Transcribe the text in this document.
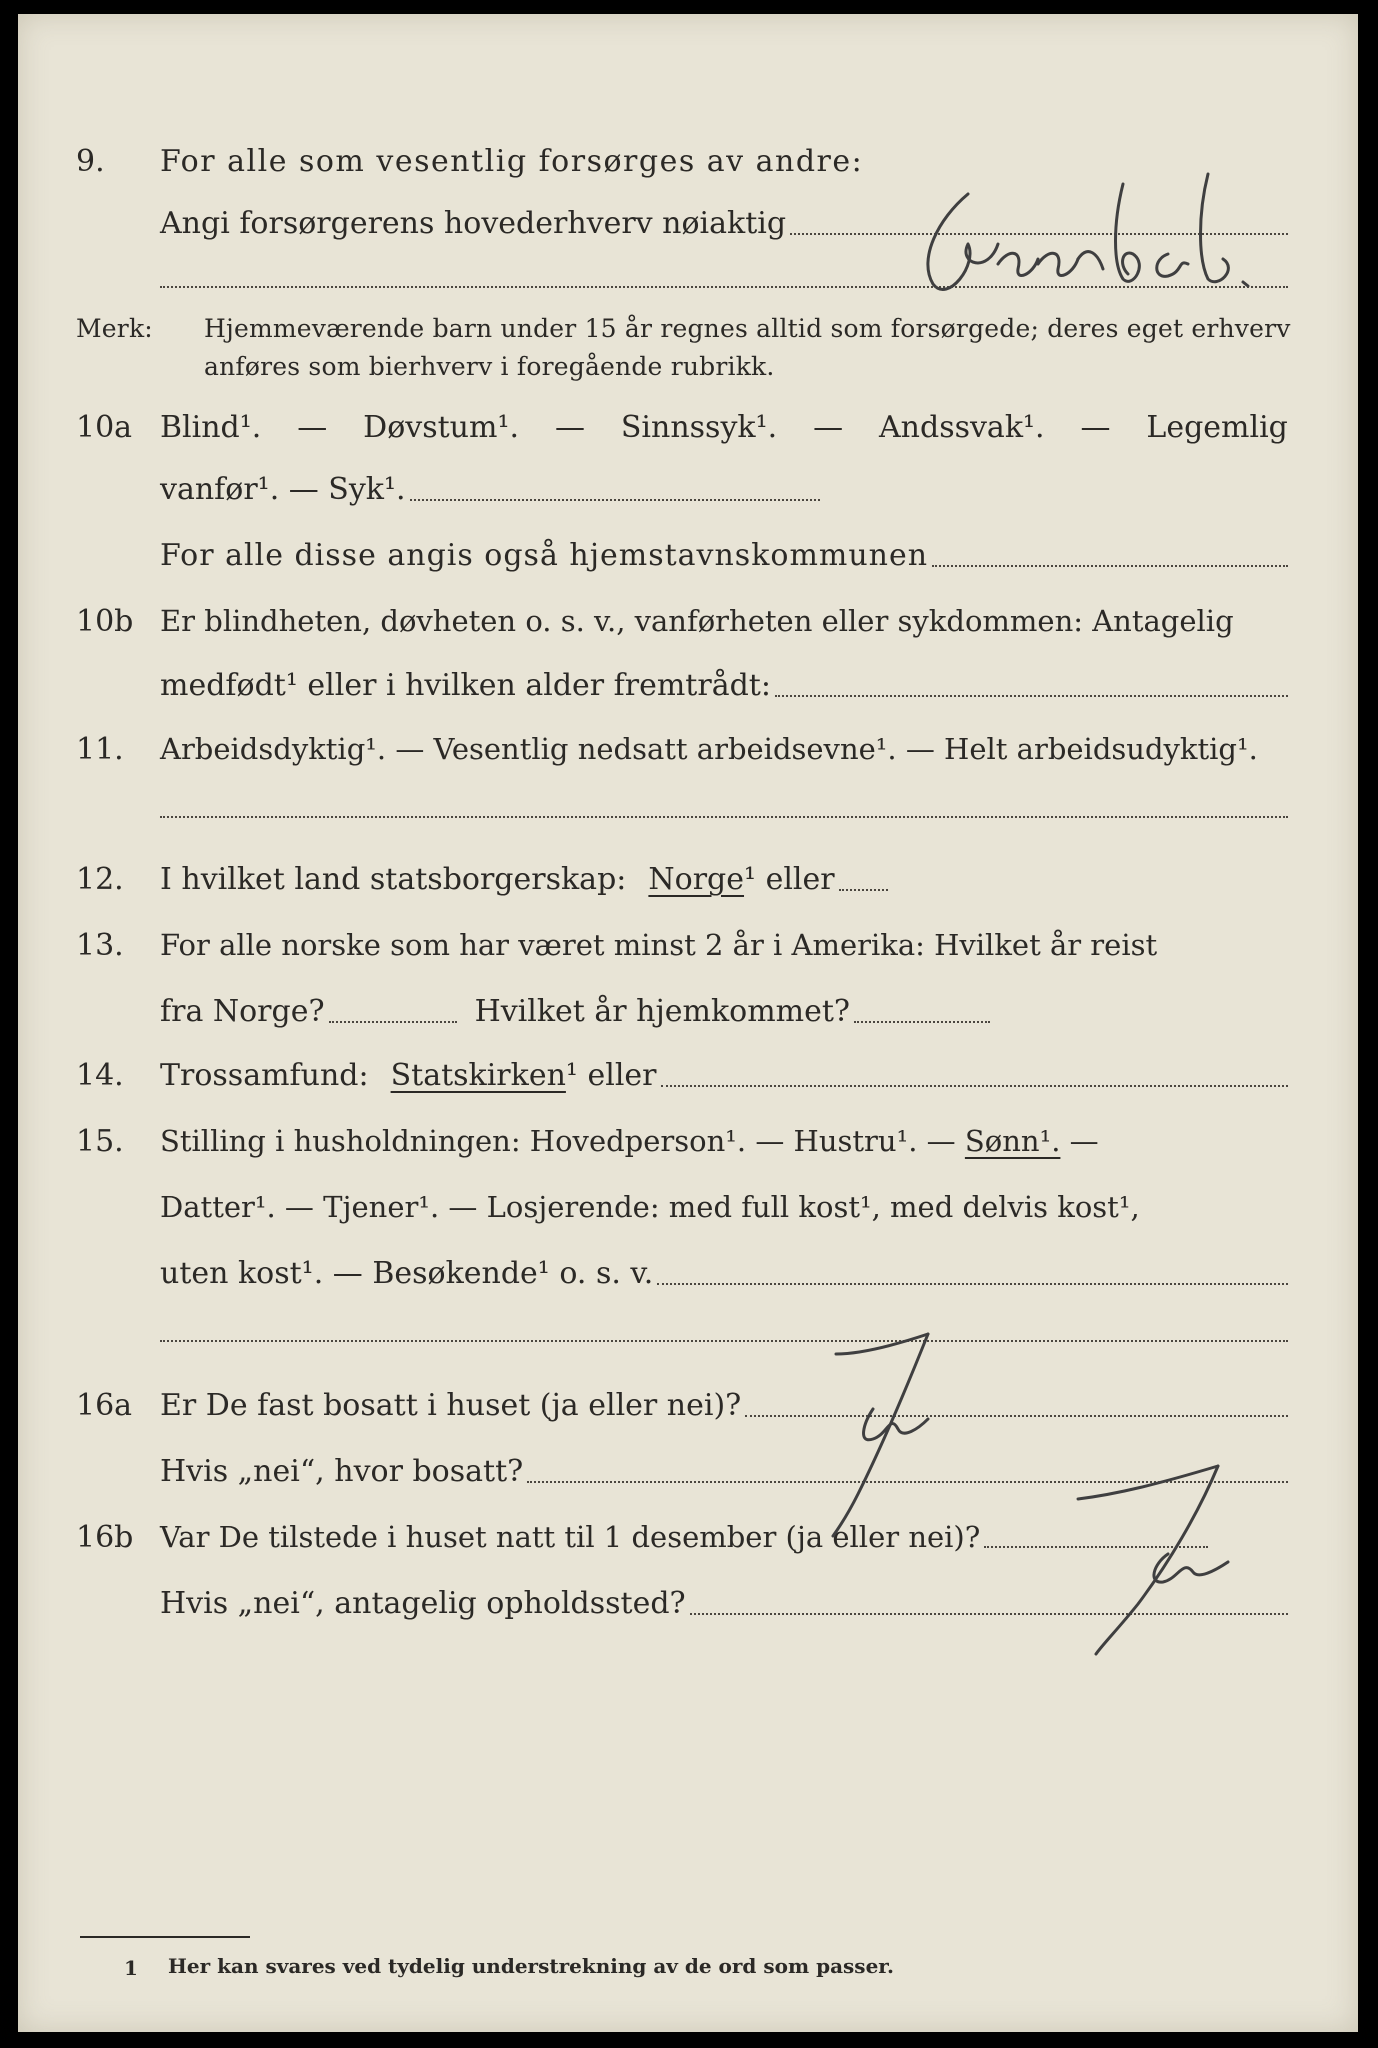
9. For alle som vesentlig forsørges av andre:
Angi forsørgerens hovederhverv nøiaktig
Merk: Hjemmeværende barn under 15 år regnes alltid som forsørgede; deres eget erhverv
anføres som bierhverv i foregående rubrikk.
10a Blind¹. — Døvstum¹. — Sinnssyk¹. — Andssvak¹. — Legemlig
vanfør¹. — Syk¹.
For alle disse angis også hjemstavnskommunen
10b Er blindheten, døvheten o. s. v., vanførheten eller sykdommen: Antagelig
medfødt¹ eller i hvilken alder fremtrådt:
11. Arbeidsdyktig¹. — Vesentlig nedsatt arbeidsevne¹. — Helt arbeidsudyktig¹.
12. I hvilket land statsborgerskap: Norge ¹ eller
13. For alle norske som har været minst 2 år i Amerika: Hvilket år reist
fra Norge?	Hvilket år hjemkommet?
14. Trossamfund: Statskirken ¹ eller
15. Stilling i husholdningen: Hovedperson¹. — Hustru¹. — Sønn¹. —
Datter¹. — Tjener¹. — Losjerende: med full kost¹, med delvis kost¹,
uten kost¹. — Besøkende¹ o. s. v.
16a Er De fast bosatt i huset (ja eller nei)?
Hvis „nei“, hvor bosatt?
16b Var De tilstede i huset natt til 1 desember (ja eller nei)?
Hvis „nei“, antagelig opholdssted?
1 Her kan svares ved tydelig understrekning av de ord som passer.
